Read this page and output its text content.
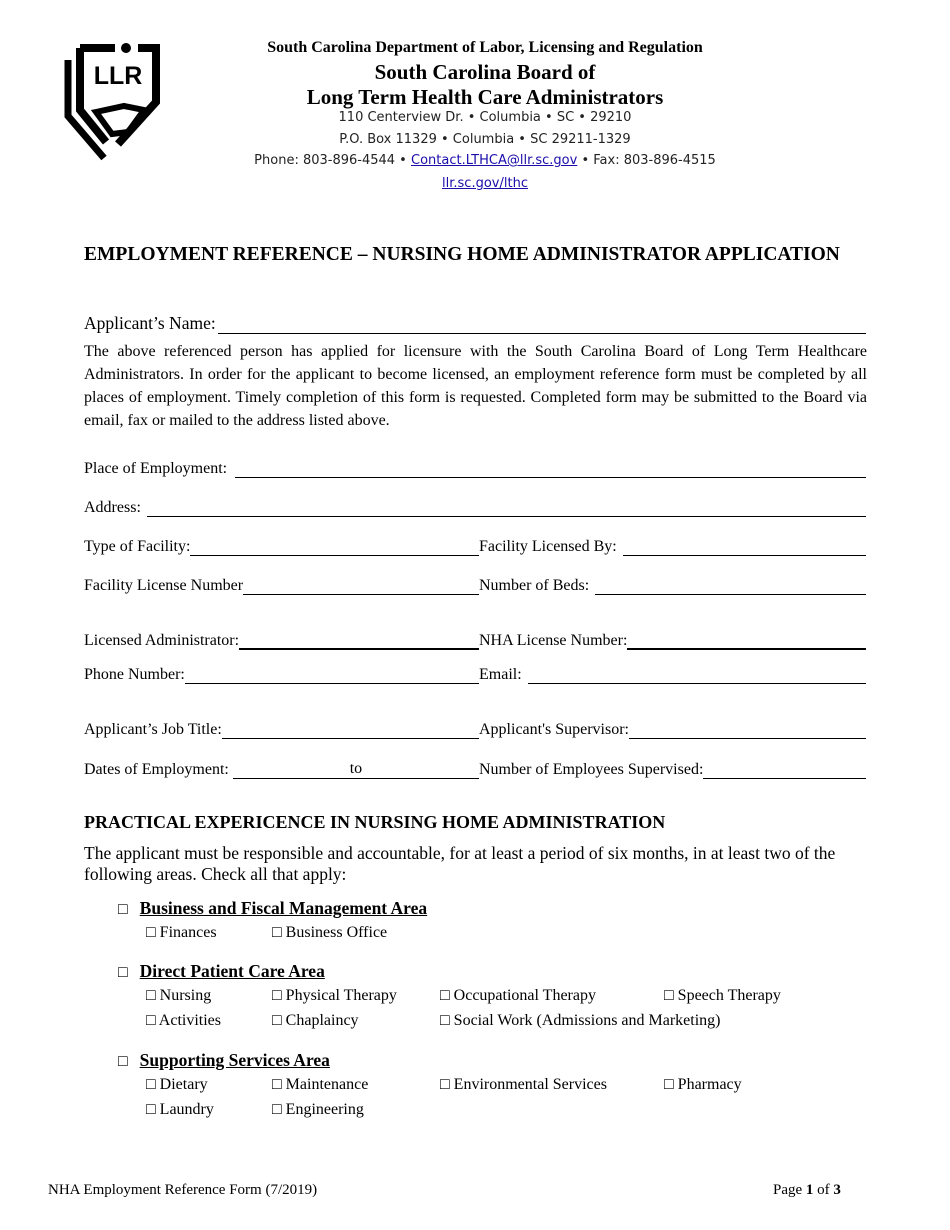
LLR
South Carolina Department of Labor, Licensing and Regulation
South Carolina Board of
Long Term Health Care Administrators
110 Centerview Dr. • Columbia • SC • 29210
P.O. Box 11329 • Columbia • SC 29211-1329
Phone: 803-896-4544 • Contact.LTHCA@llr.sc.gov • Fax: 803-896-4515
llr.sc.gov/lthc
EMPLOYMENT REFERENCE – NURSING HOME ADMINISTRATOR APPLICATION
Applicant’s Name:
The above referenced person has applied for licensure with the South Carolina Board of Long Term Healthcare Administrators. In order for the applicant to become licensed, an employment reference form must be completed by all places of employment. Timely completion of this form is requested. Completed form may be submitted to the Board via email, fax or mailed to the address listed above.
Place of Employment:
Address:
Type of Facility:	Facility Licensed By:
Facility License Number	Number of Beds:
Licensed Administrator:	NHA License Number:
Phone Number:	Email:
Applicant’s Job Title:	Applicant's Supervisor:
Dates of Employment:	to	Number of Employees Supervised:
PRACTICAL EXPERICENCE IN NURSING HOME ADMINISTRATION
The applicant must be responsible and accountable, for at least a period of six months, in at least two of the following areas. Check all that apply:
□ Business and Fiscal Management Area
□ Finances	□ Business Office
□ Direct Patient Care Area
□ Nursing	□ Physical Therapy	□ Occupational Therapy	□ Speech Therapy
□ Activities	□ Chaplaincy	□ Social Work (Admissions and Marketing)
□ Supporting Services Area
□ Dietary	□ Maintenance	□ Environmental Services	□ Pharmacy
□ Laundry	□ Engineering
NHA Employment Reference Form (7/2019)	Page 1 of 3
